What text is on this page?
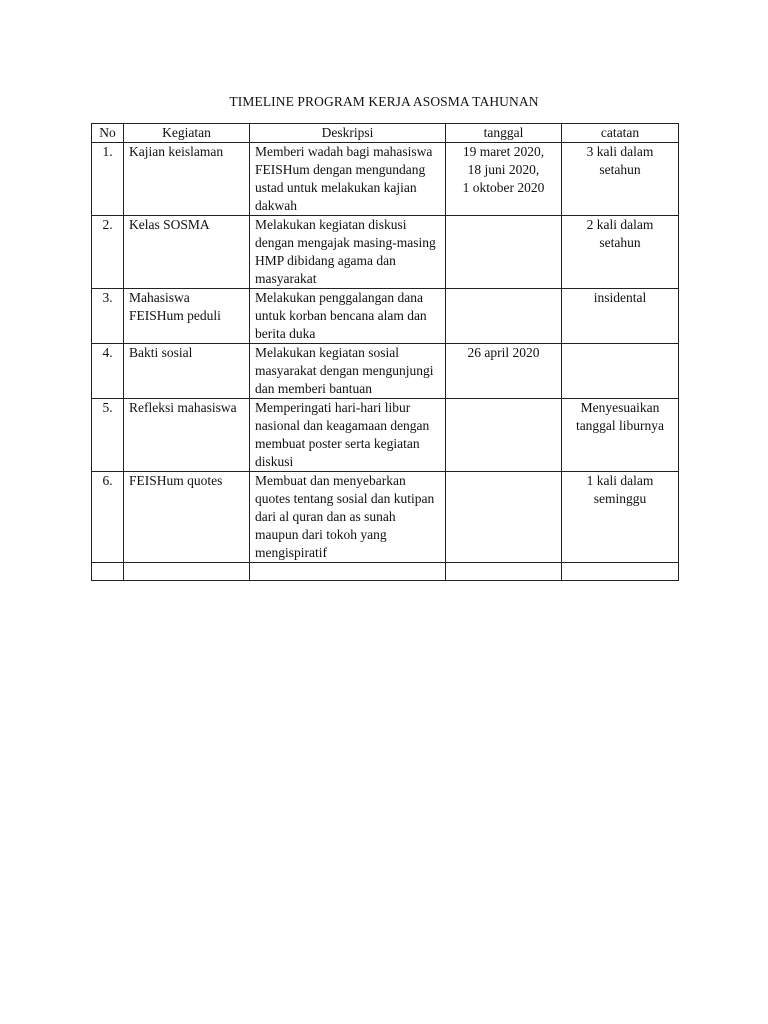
TIMELINE PROGRAM KERJA ASOSMA TAHUNAN
No	Kegiatan	Deskripsi	tanggal	catatan
1.	Kajian keislaman	Memberi wadah bagi mahasiswa FEISHum dengan mengundang ustad untuk melakukan kajian dakwah	19 maret 2020,
18 juni 2020,
1 oktober 2020	3 kali dalam setahun
2.	Kelas SOSMA	Melakukan kegiatan diskusi dengan mengajak masing-masing HMP dibidang agama dan masyarakat		2 kali dalam setahun
3.	Mahasiswa FEISHum peduli	Melakukan penggalangan dana untuk korban bencana alam dan berita duka		insidental
4.	Bakti sosial	Melakukan kegiatan sosial masyarakat dengan mengunjungi dan memberi bantuan	26 april 2020	
5.	Refleksi mahasiswa	Memperingati hari-hari libur nasional dan keagamaan dengan membuat poster serta kegiatan diskusi		Menyesuaikan tanggal liburnya
6.	FEISHum quotes	Membuat dan menyebarkan quotes tentang sosial dan kutipan dari al quran dan as sunah maupun dari tokoh yang mengispiratif		1 kali dalam seminggu
